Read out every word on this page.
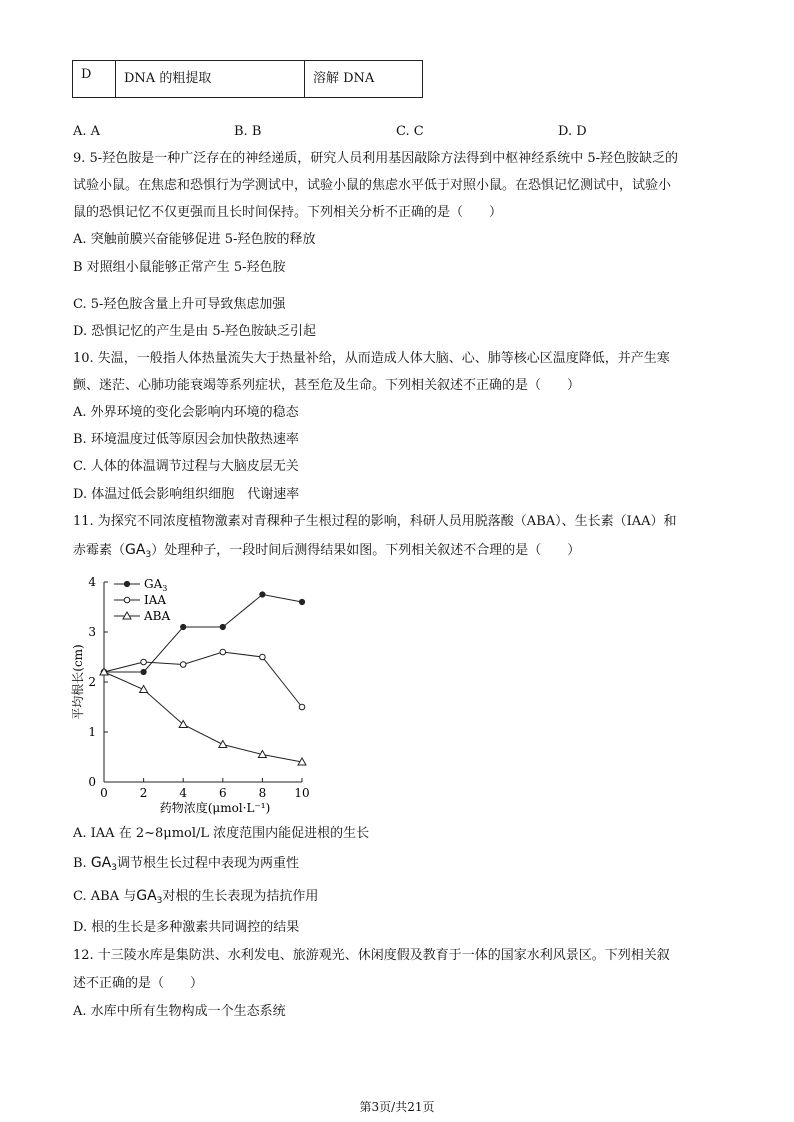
D	DNA 的粗提取	溶解 DNA
A. A	B. B	C. C	D. D
9. 5-羟色胺是一种广泛存在的神经递质，研究人员利用基因敲除方法得到中枢神经系统中 5-羟色胺缺乏的
试验小鼠。在焦虑和恐惧行为学测试中，试验小鼠的焦虑水平低于对照小鼠。在恐惧记忆测试中，试验小
鼠的恐惧记忆不仅更强而且长时间保持。下列相关分析不正确的是（　　）
A. 突触前膜兴奋能够促进 5-羟色胺的释放
B 对照组小鼠能够正常产生 5-羟色胺
C. 5-羟色胺含量上升可导致焦虑加强
D. 恐惧记忆的产生是由 5-羟色胺缺乏引起
10. 失温，一般指人体热量流失大于热量补给，从而造成人体大脑、心、肺等核心区温度降低，并产生寒
颤、迷茫、心肺功能衰竭等系列症状，甚至危及生命。下列相关叙述不正确的是（　　）
A. 外界环境的变化会影响内环境的稳态
B. 环境温度过低等原因会加快散热速率
C. 人体的体温调节过程与大脑皮层无关
D. 体温过低会影响组织细胞　代谢速率
11. 为探究不同浓度植物激素对青稞种子生根过程的影响，科研人员用脱落酸（ABA）、生长素（IAA）和
赤霉素$(GA_3)$处理种子，一段时间后测得结果如图。下列相关叙述不合理的是（　　）
0
1
2
3
4
0	2	4	6	8 10
药物浓度(μmol·L⁻¹)
平均根长(cm)
$GA_3$
IAA
ABA
A. IAA 在 2~8μmol/L 浓度范围内能促进根的生长
B. $GA_3$调节根生长过程中表现为两重性
C. ABA 与$GA_3$对根的生长表现为拮抗作用
D. 根的生长是多种激素共同调控的结果
12. 十三陵水库是集防洪、水利发电、旅游观光、休闲度假及教育于一体的国家水利风景区。下列相关叙
述不正确的是（　　）
A. 水库中所有生物构成一个生态系统
第3页/共21页
